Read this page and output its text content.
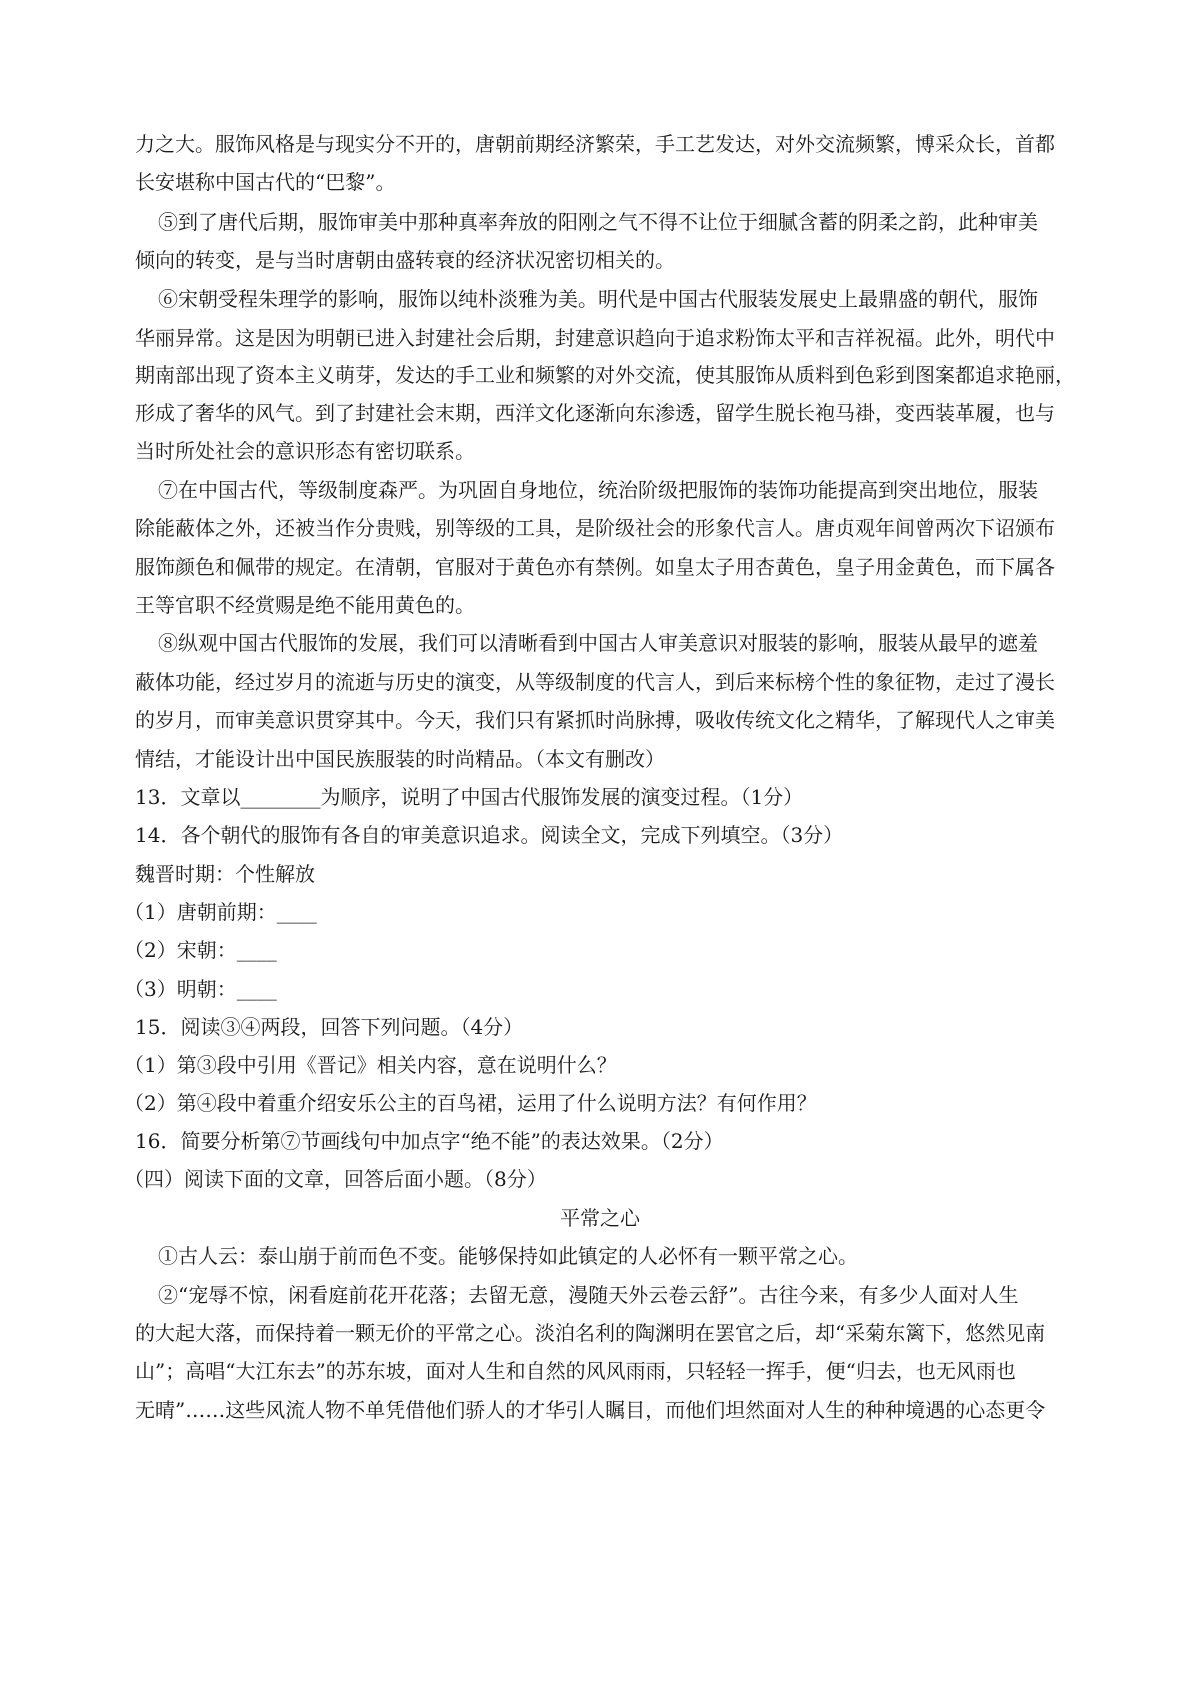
力之大。服饰风格是与现实分不开的，唐朝前期经济繁荣，手工艺发达，对外交流频繁，博采众长，首都
长安堪称中国古代的“巴黎”。
⑤到了唐代后期，服饰审美中那种真率奔放的阳刚之气不得不让位于细腻含蓄的阴柔之韵，此种审美
倾向的转变，是与当时唐朝由盛转衰的经济状况密切相关的。
⑥宋朝受程朱理学的影响，服饰以纯朴淡雅为美。明代是中国古代服装发展史上最鼎盛的朝代，服饰
华丽异常。这是因为明朝已进入封建社会后期，封建意识趋向于追求粉饰太平和吉祥祝福。此外，明代中
期南部出现了资本主义萌芽，发达的手工业和频繁的对外交流，使其服饰从质料到色彩到图案都追求艳丽，
形成了奢华的风气。到了封建社会末期，西洋文化逐渐向东渗透，留学生脱长袍马褂，变西装革履，也与
当时所处社会的意识形态有密切联系。
⑦在中国古代，等级制度森严。为巩固自身地位，统治阶级把服饰的装饰功能提高到突出地位，服装
除能蔽体之外，还被当作分贵贱，别等级的工具，是阶级社会的形象代言人。唐贞观年间曾两次下诏颁布
服饰颜色和佩带的规定。在清朝，官服对于黄色亦有禁例。如皇太子用杏黄色，皇子用金黄色，而下属各
王等官职不经赏赐是绝不能用黄色的。
⑧纵观中国古代服饰的发展，我们可以清晰看到中国古人审美意识对服装的影响，服装从最早的遮羞
蔽体功能，经过岁月的流逝与历史的演变，从等级制度的代言人，到后来标榜个性的象征物，走过了漫长
的岁月，而审美意识贯穿其中。今天，我们只有紧抓时尚脉搏，吸收传统文化之精华，了解现代人之审美
情结，才能设计出中国民族服装的时尚精品。（本文有删改）
13．文章以________为顺序，说明了中国古代服饰发展的演变过程。（1分）
14．各个朝代的服饰有各自的审美意识追求。阅读全文，完成下列填空。（3分）
魏晋时期：个性解放
（1）唐朝前期：____
（2）宋朝：____
（3）明朝：____
15．阅读③④两段，回答下列问题。（4分）
（1）第③段中引用《晋记》相关内容，意在说明什么？
（2）第④段中着重介绍安乐公主的百鸟裙，运用了什么说明方法？有何作用？
16．简要分析第⑦节画线句中加点字“绝不能”的表达效果。（2分）
（四）阅读下面的文章，回答后面小题。（8分）
平常之心
①古人云：泰山崩于前而色不变。能够保持如此镇定的人必怀有一颗平常之心。
②“宠辱不惊，闲看庭前花开花落；去留无意，漫随天外云卷云舒”。古往今来，有多少人面对人生
的大起大落，而保持着一颗无价的平常之心。淡泊名利的陶渊明在罢官之后，却“采菊东篱下，悠然见南
山”；高唱“大江东去”的苏东坡，面对人生和自然的风风雨雨，只轻轻一挥手，便“归去，也无风雨也
无晴”……这些风流人物不单凭借他们骄人的才华引人瞩目，而他们坦然面对人生的种种境遇的心态更令
